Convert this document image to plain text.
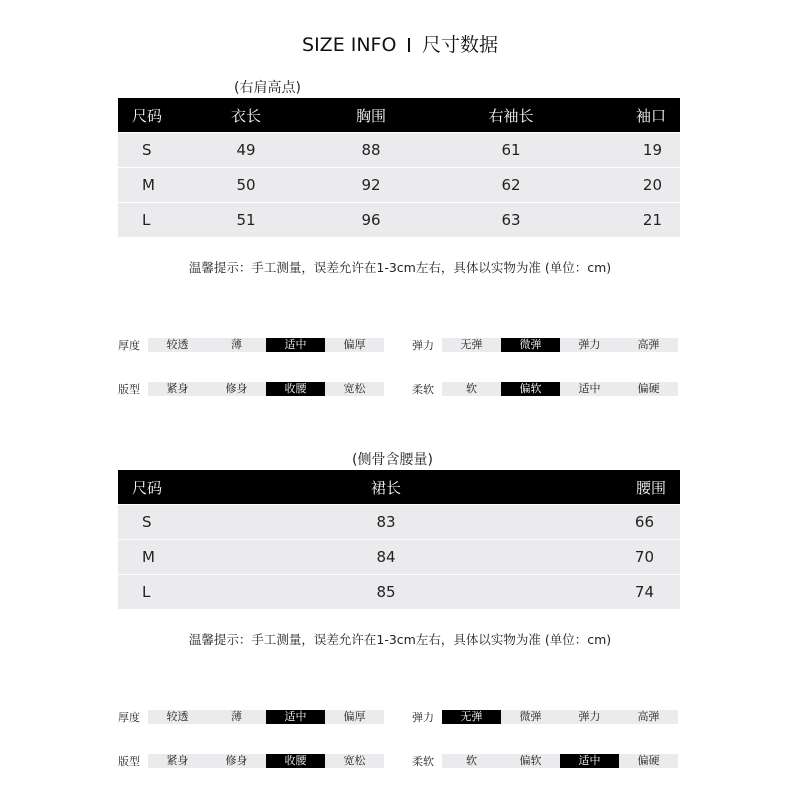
SIZE INFO 尺寸数据
(右肩高点)
尺码	衣长	胸围	右袖长	袖口
S	49	88	61	19
M	50	92	62	20
L	51	96	63	21
温馨提示：手工测量，误差允许在1-3cm左右，具体以实物为准 (单位：cm)
厚度	较透	薄	适中	偏厚	弹力	无弹	微弹	弹力	高弹
版型	紧身	修身	收腰	宽松	柔软	软	偏软	适中	偏硬
(侧骨含腰量)
尺码	裙长	腰围
S	83	66
M	84	70
L	85	74
温馨提示：手工测量，误差允许在1-3cm左右，具体以实物为准 (单位：cm)
厚度	较透	薄	适中	偏厚	弹力	无弹	微弹	弹力	高弹
版型	紧身	修身	收腰	宽松	柔软	软	偏软	适中	偏硬
